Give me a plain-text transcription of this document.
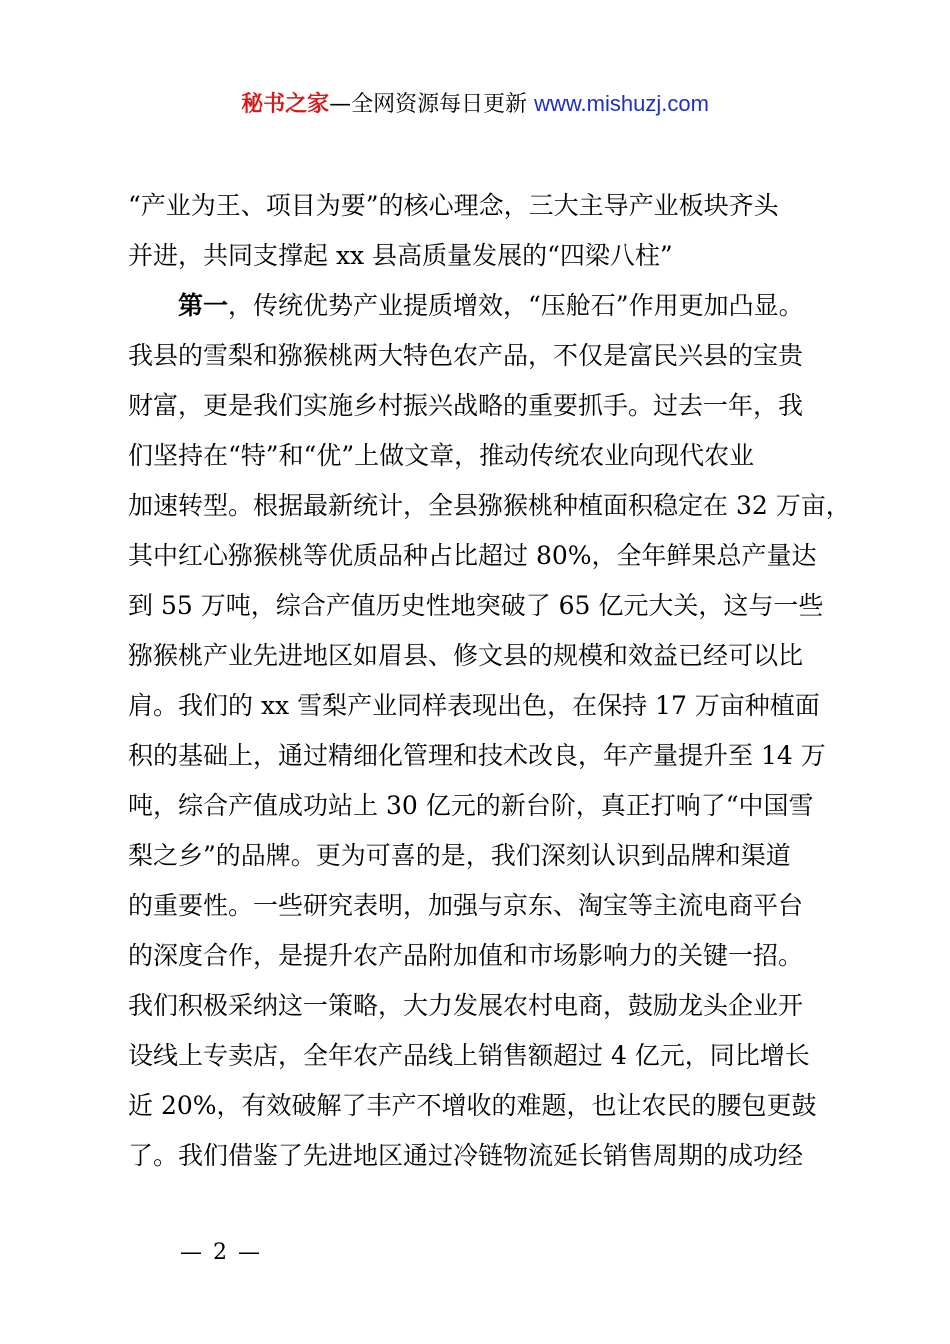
秘书之家—全网资源每日更新 www.mishuzj.com
“产业为王、项目为要”的核心理念，三大主导产业板块齐头
并进，共同支撑起 xx 县高质量发展的“四梁八柱”
第一，传统优势产业提质增效，“压舱石”作用更加凸显。
我县的雪梨和猕猴桃两大特色农产品，不仅是富民兴县的宝贵
财富，更是我们实施乡村振兴战略的重要抓手。过去一年，我
们坚持在“特”和“优”上做文章，推动传统农业向现代农业
加速转型。根据最新统计，全县猕猴桃种植面积稳定在 32 万亩，
其中红心猕猴桃等优质品种占比超过 80%，全年鲜果总产量达
到 55 万吨，综合产值历史性地突破了 65 亿元大关，这与一些
猕猴桃产业先进地区如眉县、修文县的规模和效益已经可以比
肩。我们的 xx 雪梨产业同样表现出色，在保持 17 万亩种植面
积的基础上，通过精细化管理和技术改良，年产量提升至 14 万
吨，综合产值成功站上 30 亿元的新台阶，真正打响了“中国雪
梨之乡”的品牌。更为可喜的是，我们深刻认识到品牌和渠道
的重要性。一些研究表明，加强与京东、淘宝等主流电商平台
的深度合作，是提升农产品附加值和市场影响力的关键一招。
我们积极采纳这一策略，大力发展农村电商，鼓励龙头企业开
设线上专卖店，全年农产品线上销售额超过 4 亿元，同比增长
近 20%，有效破解了丰产不增收的难题，也让农民的腰包更鼓
了。我们借鉴了先进地区通过冷链物流延长销售周期的成功经
— 2 —
